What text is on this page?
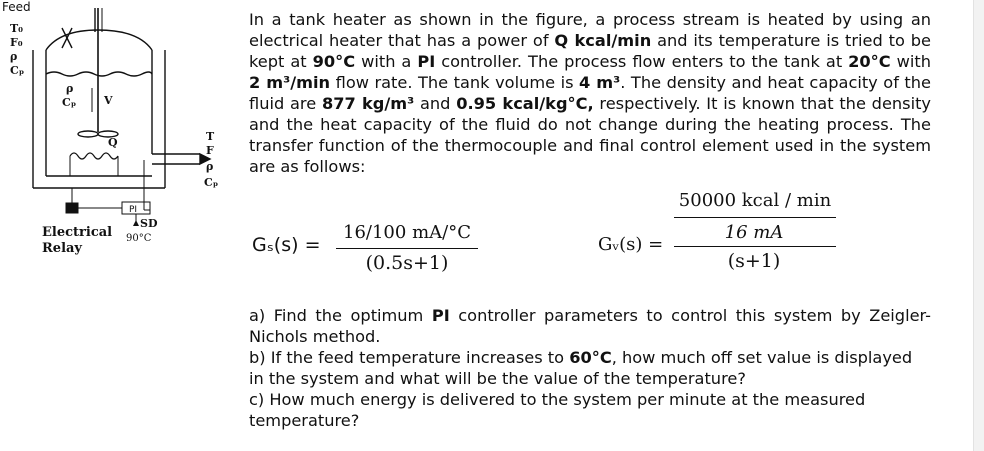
Feed
T₀
F₀
ρ
Cₚ
ρ
Cₚ	V
Q	T
F
ρ
Cₚ
PI
SD
90°C
Electrical
Relay
In a tank heater as shown in the figure, a process stream is heated by using an electrical heater that has a power of Q kcal/min and its temperature is tried to be kept at 90°C with a PI controller. The process flow enters to the tank at 20°C with 2 m³/min flow rate. The tank volume is 4 m³. The density and heat capacity of the fluid are 877 kg/m³ and 0.95 kcal/kg°C, respectively. It is known that the density and the heat capacity of the fluid do not change during the heating process. The transfer function of the thermocouple and final control element used in the system are as follows:
Gₛ(s) =
16/100 mA/°C
(0.5s+1)
50000 kcal / min
Gᵥ(s) =
16 mA
(s+1)
a) Find the optimum PI controller parameters to control this system by Zeigler-Nichols method.
b) If the feed temperature increases to 60°C, how much off set value is displayed in the system and what will be the value of the temperature?
c) How much energy is delivered to the system per minute at the measured temperature?
